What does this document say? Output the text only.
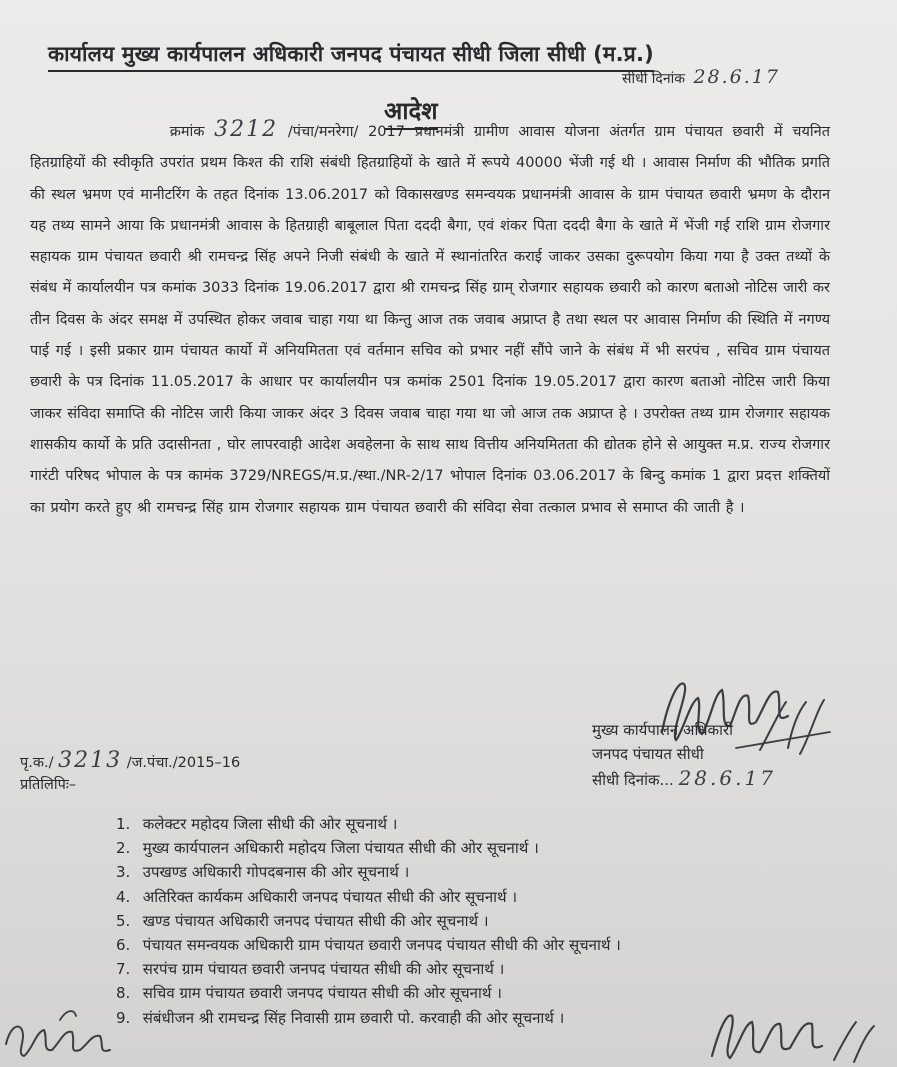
कार्यालय मुख्य कार्यपालन अधिकारी जनपद पंचायत सीधी जिला सीधी (म.प्र.)
सीधी दिनांक 28.6.17
आदेश
क्रमांक 3212 /पंचा/मनरेगा/ 2017 प्रधानमंत्री ग्रामीण आवास योजना अंतर्गत ग्राम पंचायत छवारी में चयनित हितग्राहियों की स्वीकृति उपरांत प्रथम किश्त की राशि संबंधी हितग्राहियों के खाते में रूपये 40000 भेंजी गई थी । आवास निर्माण की भौतिक प्रगति की स्थल भ्रमण एवं मानीटरिंग के तहत दिनांक 13.06.2017 को विकासखण्ड समन्वयक प्रधानमंत्री आवास के ग्राम पंचायत छवारी भ्रमण के दौरान यह तथ्य सामने आया कि प्रधानमंत्री आवास के हितग्राही बाबूलाल पिता दददी बैगा, एवं शंकर पिता दददी बैगा के खाते में भेंजी गई राशि ग्राम रोजगार सहायक ग्राम पंचायत छवारी श्री रामचन्द्र सिंह अपने निजी संबंधी के खाते में स्थानांतरित कराई जाकर उसका दुरूपयोग किया गया है उक्त तथ्यों के संबंध में कार्यालयीन पत्र कमांक 3033 दिनांक 19.06.2017 द्वारा श्री रामचन्द्र सिंह ग्राम् रोजगार सहायक छवारी को कारण बताओ नोटिस जारी कर तीन दिवस के अंदर समक्ष में उपस्थित होकर जवाब चाहा गया था किन्तु आज तक जवाब अप्राप्त है तथा स्थल पर आवास निर्माण की स्थिति में नगण्य पाई गई । इसी प्रकार ग्राम पंचायत कार्यो में अनियमितता एवं वर्तमान सचिव को प्रभार नहीं सौंपे जाने के संबंध में भी सरपंच , सचिव ग्राम पंचायत छवारी के पत्र दिनांक 11.05.2017 के आधार पर कार्यालयीन पत्र कमांक 2501 दिनांक 19.05.2017 द्वारा कारण बताओ नोटिस जारी किया जाकर संविदा समाप्ति की नोटिस जारी किया जाकर अंदर 3 दिवस जवाब चाहा गया था जो आज तक अप्राप्त हे । उपरोक्त तथ्य ग्राम रोजगार सहायक शासकीय कार्यो के प्रति उदासीनता , घोर लापरवाही आदेश अवहेलना के साथ साथ वित्तीय अनियमितता की द्योतक होने से आयुक्त म.प्र. राज्य रोजगार गारंटी परिषद भोपाल के पत्र कामंक 3729/NREGS/म.प्र./स्था./NR-2/17 भोपाल दिनांक 03.06.2017 के बिन्दु कमांक 1 द्वारा प्रदत्त शक्तियों का प्रयोग करते हुए श्री रामचन्द्र सिंह ग्राम रोजगार सहायक ग्राम पंचायत छवारी की संविदा सेवा तत्काल प्रभाव से समाप्त की जाती है ।
मुख्य कार्यपालन अधिकारी
जनपद पंचायत सीधी
सीधी दिनांक... 28.6.17
पृ.क./ 3213 /ज.पंचा./2015–16
प्रतिलिपिः–
1. कलेक्टर महोदय जिला सीधी की ओर सूचनार्थ ।
2. मुख्य कार्यपालन अधिकारी महोदय जिला पंचायत सीधी की ओर सूचनार्थ ।
3. उपखण्ड अधिकारी गोपदबनास की ओर सूचनार्थ ।
4. अतिरिक्त कार्यकम अधिकारी जनपद पंचायत सीधी की ओर सूचनार्थ ।
5. खण्ड पंचायत अधिकारी जनपद पंचायत सीधी की ओर सूचनार्थ ।
6. पंचायत समन्वयक अधिकारी ग्राम पंचायत छवारी जनपद पंचायत सीधी की ओर सूचनार्थ ।
7. सरपंच ग्राम पंचायत छवारी जनपद पंचायत सीधी की ओर सूचनार्थ ।
8. सचिव ग्राम पंचायत छवारी जनपद पंचायत सीधी की ओर सूचनार्थ ।
9. संबंधीजन श्री रामचन्द्र सिंह निवासी ग्राम छवारी पो. करवाही की ओर सूचनार्थ ।
